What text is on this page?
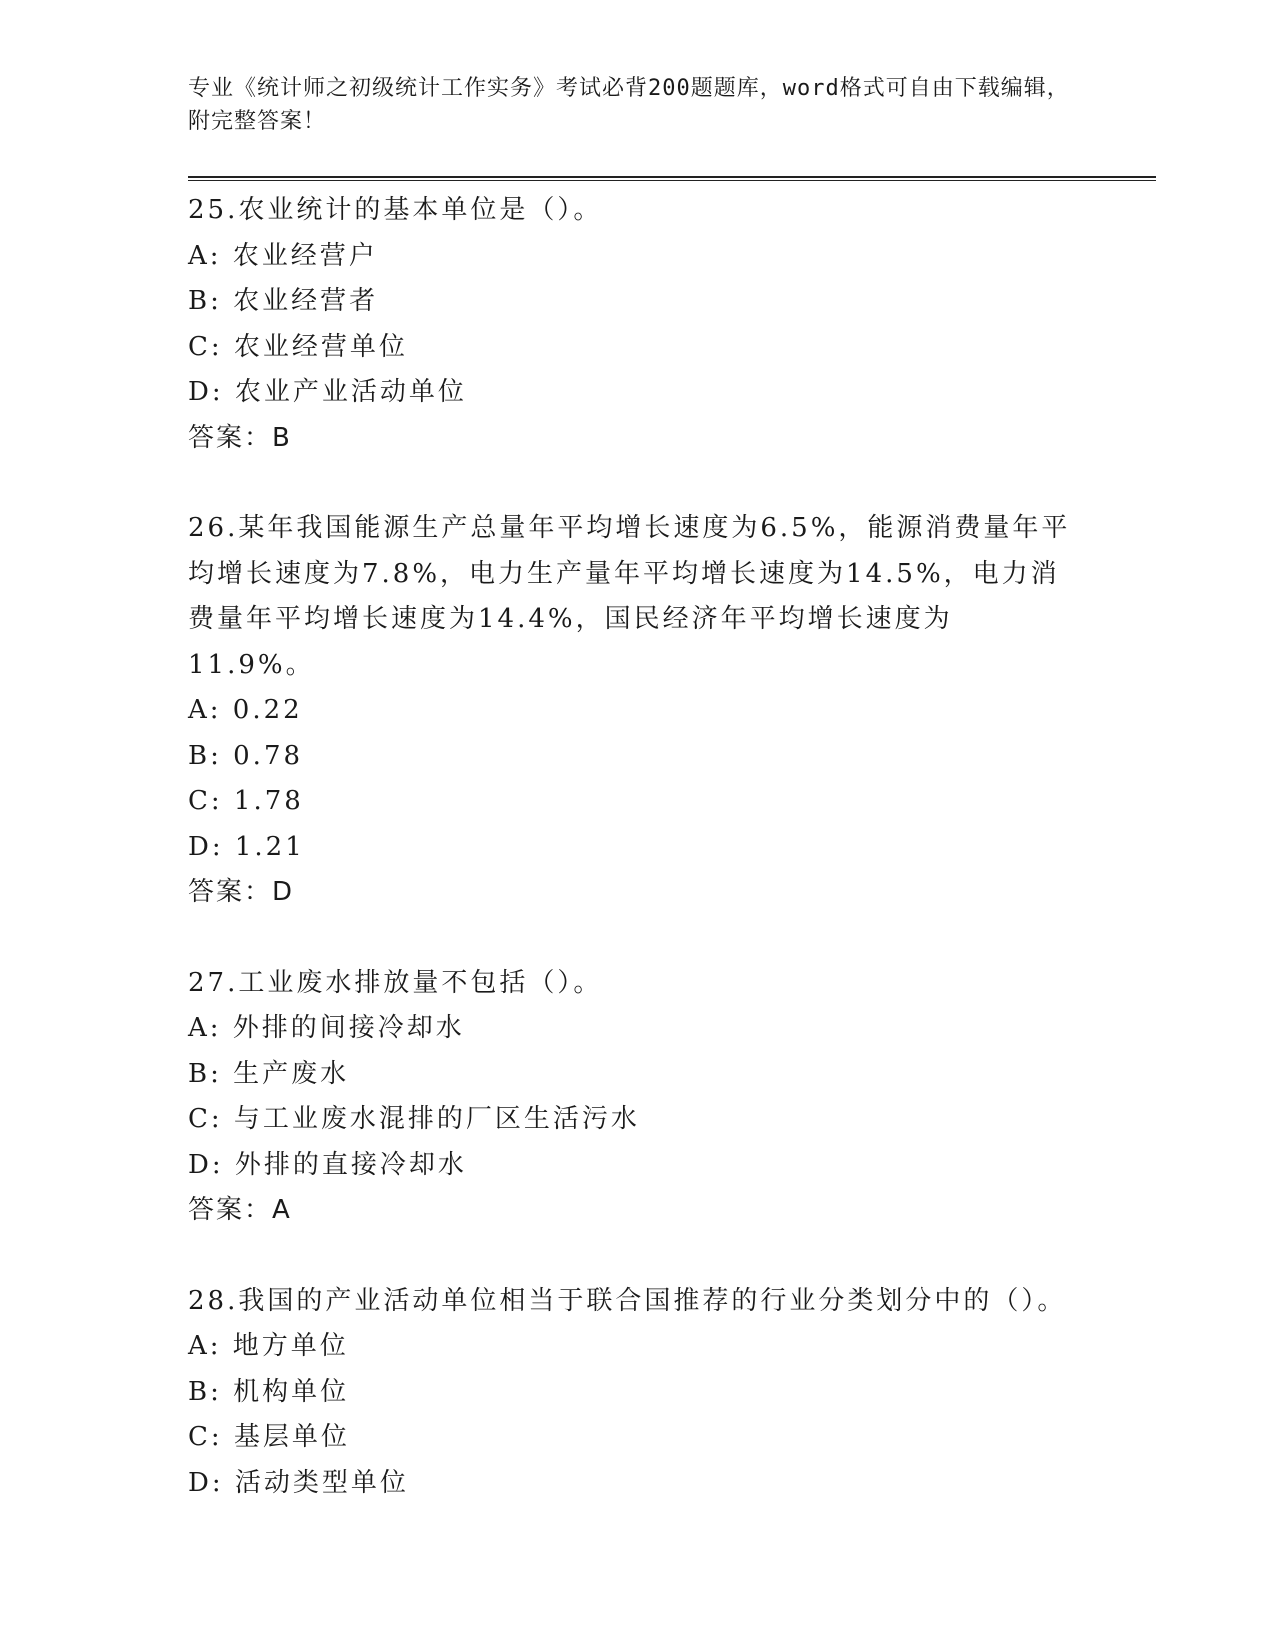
专业《统计师之初级统计工作实务》考试必背200题题库，word格式可自由下载编辑，附完整答案！
25.农业统计的基本单位是（）。
A: 农业经营户
B: 农业经营者
C: 农业经营单位
D: 农业产业活动单位
答案：B
26.某年我国能源生产总量年平均增长速度为6.5%，能源消费量年平均增长速度为7.8%，电力生产量年平均增长速度为14.5%，电力消费量年平均增长速度为14.4%，国民经济年平均增长速度为11.9%。
A: 0.22
B: 0.78
C: 1.78
D: 1.21
答案：D
27.工业废水排放量不包括（）。
A: 外排的间接冷却水
B: 生产废水
C: 与工业废水混排的厂区生活污水
D: 外排的直接冷却水
答案：A
28.我国的产业活动单位相当于联合国推荐的行业分类划分中的（）。
A: 地方单位
B: 机构单位
C: 基层单位
D: 活动类型单位
